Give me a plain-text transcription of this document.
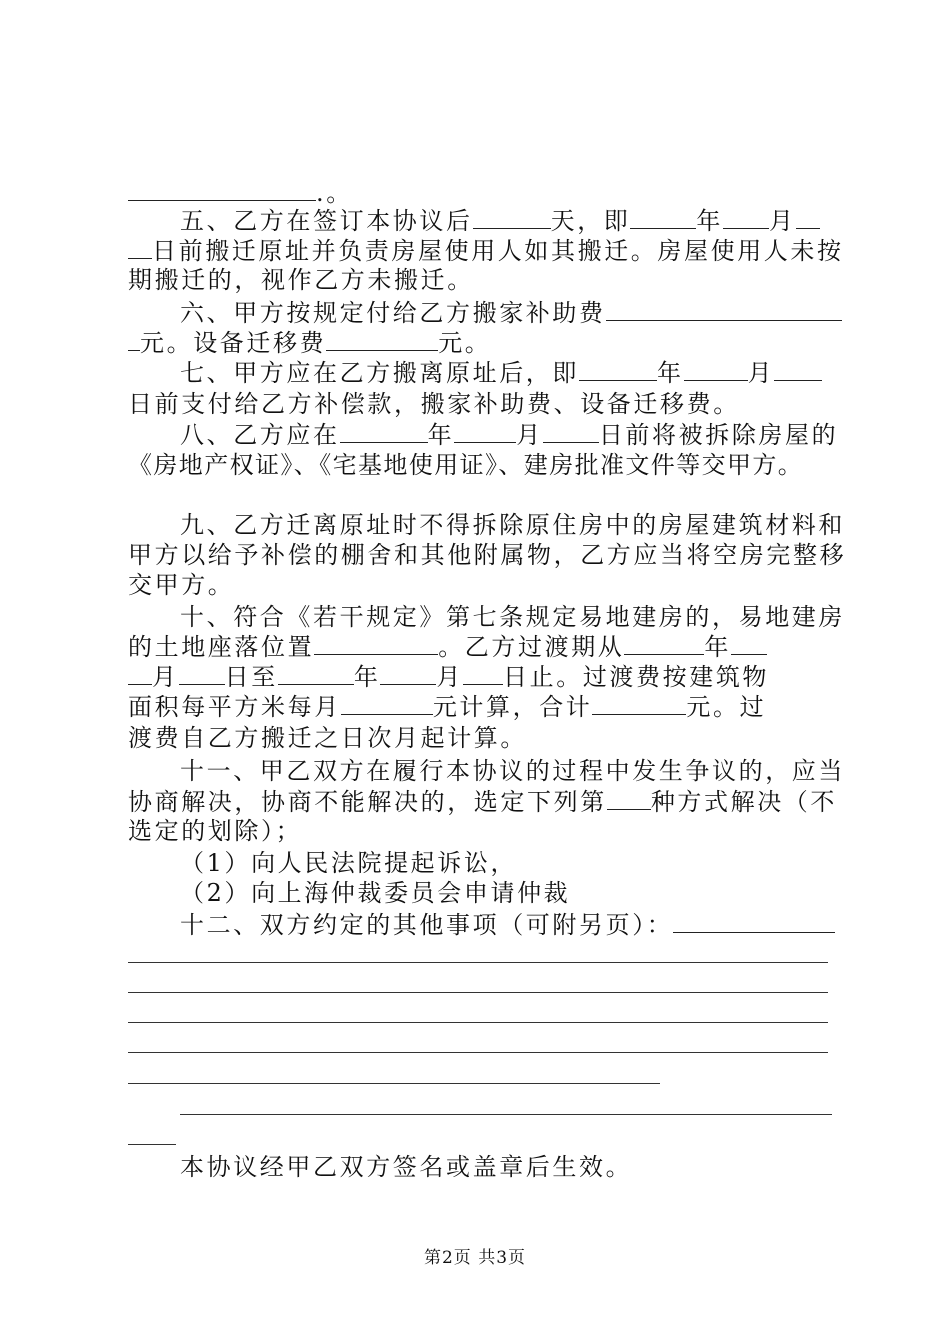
.。
五、乙方在签订本协议后	天，即	年 月
日前搬迁原址并负责房屋使用人如其搬迁。房屋使用人未按
期搬迁的，视作乙方未搬迁。
六、甲方按规定付给乙方搬家补助费
元。设备迁移费	元。
七、甲方应在乙方搬离原址后，即	年	月
日前支付给乙方补偿款，搬家补助费、设备迁移费。
八、乙方应在	年	月 日前将被拆除房屋的
《房地产权证》、《宅基地使用证》、建房批准文件等交甲方。
九、乙方迁离原址时不得拆除原住房中的房屋建筑材料和
甲方以给予补偿的棚舍和其他附属物，乙方应当将空房完整移
交甲方。
十、符合《若干规定》第七条规定易地建房的，易地建房
的土地座落位置	。乙方过渡期从	年
月 日至	年 月 日止。过渡费按建筑物
面积每平方米每月	元计算，合计	元。过
渡费自乙方搬迁之日次月起计算。
十一、甲乙双方在履行本协议的过程中发生争议的，应当
协商解决，协商不能解决的，选定下列第 种方式解决（不
选定的划除）；
（1）向人民法院提起诉讼，
（2）向上海仲裁委员会申请仲裁
十二、双方约定的其他事项（可附另页）：
本协议经甲乙双方签名或盖章后生效。
第2页 共3页
